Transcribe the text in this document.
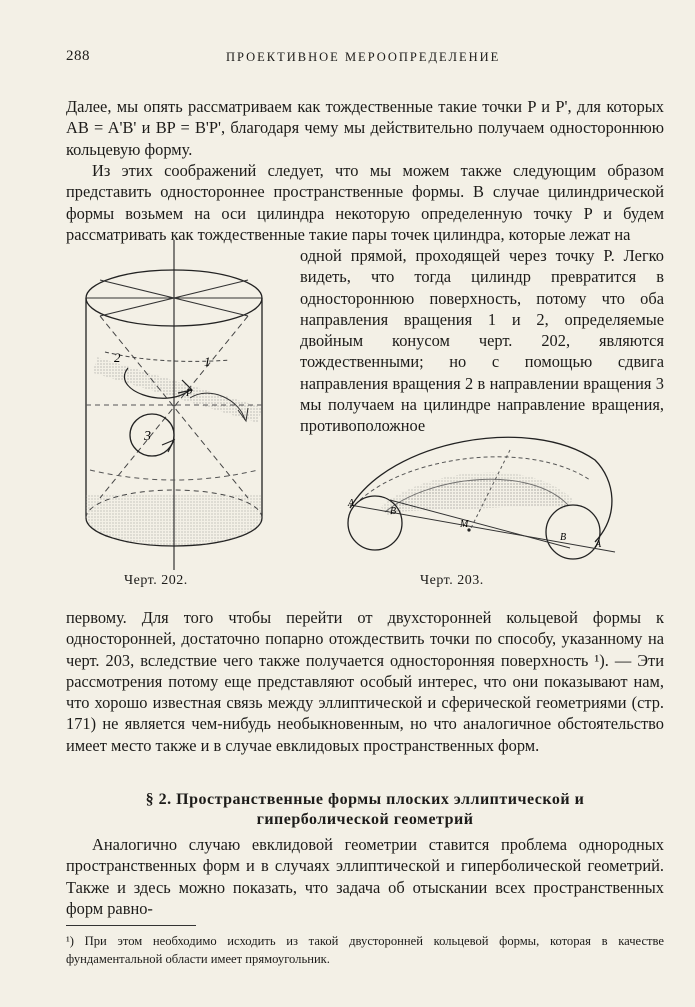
288	ПРОЕКТИВНОЕ МЕРООПРЕДЕЛЕНИЕ
Далее, мы опять рассматриваем как тождественные такие точки P и P', для которых AB = A'B' и BP = B'P', благодаря чему мы действительно получаем одностороннюю кольцевую форму.
Из этих соображений следует, что мы можем также следующим образом представить одностороннее пространственные формы. В случае цилиндрической формы возьмем на оси цилиндра некоторую определенную точку P и будем рассматривать как тождественные такие пары точек цилиндра, которые лежат на
одной прямой, проходящей через точку P. Легко видеть, что тогда цилиндр превратится в одностороннюю поверхность, потому что оба направления вращения 1 и 2, определяемые двойным конусом черт. 202, являются тождественными; но с помощью сдвига направления вращения 2 в направлении вращения 3 мы получаем на цилиндре направление вращения, противоположное
2	1
P
3
Черт. 202.
A
B
M
B
A
Черт. 203.
первому. Для того чтобы перейти от двухсторонней кольцевой формы к односторонней, достаточно попарно отождествить точки по способу, указанному на черт. 203, вследствие чего также получается односторонняя поверхность ¹). — Эти рассмотрения потому еще представляют особый интерес, что они показывают нам, что хорошо известная связь между эллиптической и сферической геометриями (стр. 171) не является чем-нибудь необыкновенным, но что аналогичное обстоятельство имеет место также и в случае евклидовых пространственных форм.
§ 2. Пространственные формы плоских эллиптической и
гиперболической геометрий
Аналогично случаю евклидовой геометрии ставится проблема однородных пространственных форм и в случаях эллиптической и гиперболической геометрий. Также и здесь можно показать, что задача об отыскании всех пространственных форм равно-
¹) При этом необходимо исходить из такой двусторонней кольцевой формы, которая в качестве фундаментальной области имеет прямоугольник.
